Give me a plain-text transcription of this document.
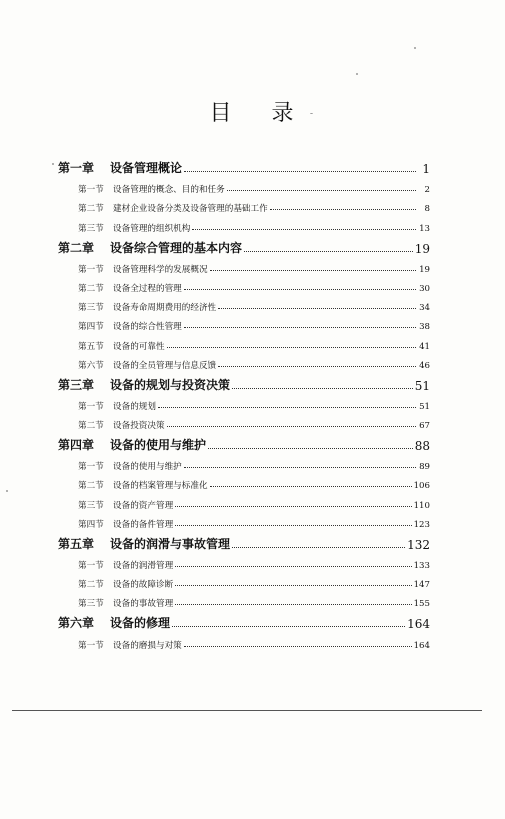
目 录
第一章	设备管理概论	1
第一节	设备管理的概念、目的和任务	2
第二节	建材企业设备分类及设备管理的基础工作	8
第三节	设备管理的组织机构	13
第二章	设备综合管理的基本内容	19
第一节	设备管理科学的发展概况	19
第二节	设备全过程的管理	30
第三节	设备寿命周期费用的经济性	34
第四节	设备的综合性管理	38
第五节	设备的可靠性	41
第六节	设备的全员管理与信息反馈	46
第三章	设备的规划与投资决策	51
第一节	设备的规划	51
第二节	设备投资决策	67
第四章	设备的使用与维护	88
第一节	设备的使用与维护	89
第二节	设备的档案管理与标准化	106
第三节	设备的资产管理	110
第四节	设备的备件管理	123
第五章	设备的润滑与事故管理	132
第一节	设备的润滑管理	133
第二节	设备的故障诊断	147
第三节	设备的事故管理	155
第六章	设备的修理	164
第一节	设备的磨损与对策	164
